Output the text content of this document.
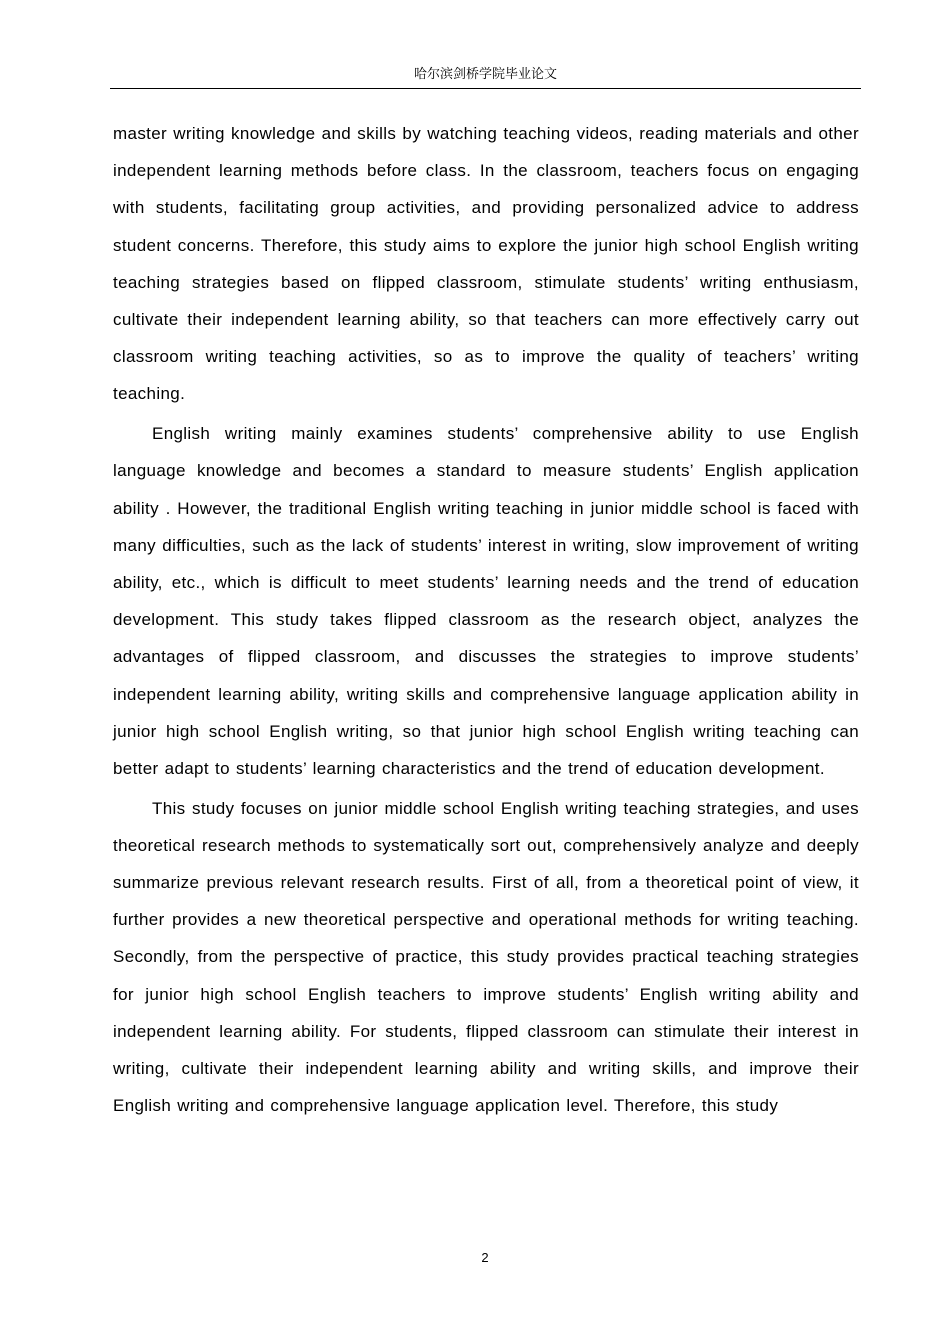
哈尔滨剑桥学院毕业论文

master writing knowledge and skills by watching teaching videos, reading materials and other independent learning methods before class. In the classroom, teachers focus on engaging with students, facilitating group activities, and providing personalized advice to address student concerns. Therefore, this study aims to explore the junior high school English writing teaching strategies based on flipped classroom, stimulate students’ writing enthusiasm, cultivate their independent learning ability, so that teachers can more effectively carry out classroom writing teaching activities, so as to improve the quality of teachers’ writing teaching.

English writing mainly examines students’ comprehensive ability to use English language knowledge and becomes a standard to measure students’ English application ability . However, the traditional English writing teaching in junior middle school is faced with many difficulties, such as the lack of students’ interest in writing, slow improvement of writing ability, etc., which is difficult to meet students’ learning needs and the trend of education development. This study takes flipped classroom as the research object, analyzes the advantages of flipped classroom, and discusses the strategies to improve students’ independent learning ability, writing skills and comprehensive language application ability in junior high school English writing, so that junior high school English writing teaching can better adapt to students’ learning characteristics and the trend of education development.

This study focuses on junior middle school English writing teaching strategies, and uses theoretical research methods to systematically sort out, comprehensively analyze and deeply summarize previous relevant research results. First of all, from a theoretical point of view, it further provides a new theoretical perspective and operational methods for writing teaching. Secondly, from the perspective of practice, this study provides practical teaching strategies for junior high school English teachers to improve students’ English writing ability and independent learning ability. For students, flipped classroom can stimulate their interest in writing, cultivate their independent learning ability and writing skills, and improve their English writing and comprehensive language application level. Therefore, this study

2
